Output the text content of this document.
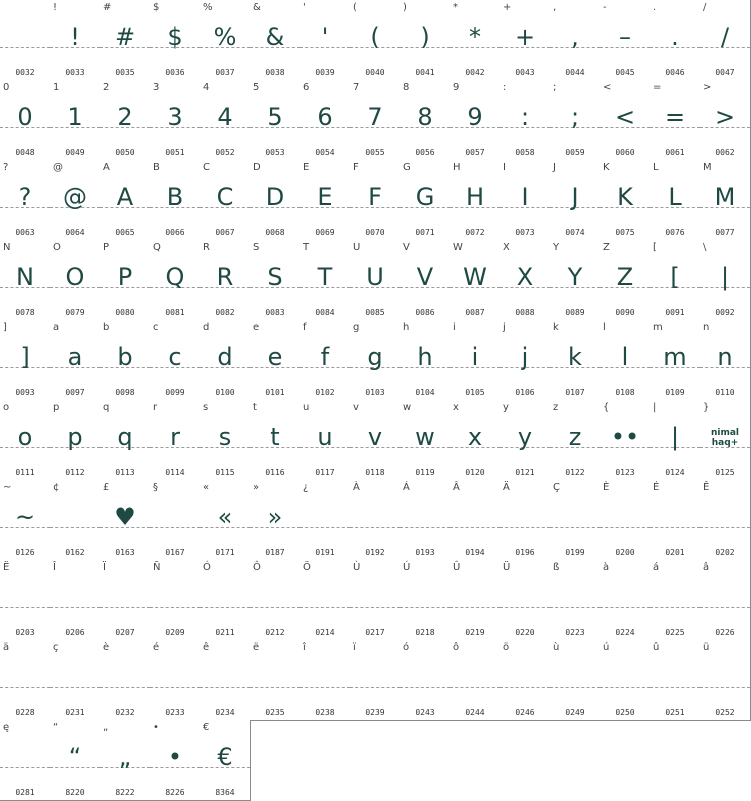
0032
!
!
0033
#
#
0035
$
$
0036
%
%
0037
&
&
0038
'
'
0039
(
(
0040
)
)
0041
*
*
0042
+
+
0043
,
,
0044
-
–
0045
.
.
0046
/
/
0047
0
0
0048
1
1
0049
2
2
0050
3
3
0051
4
4
0052
5
5
0053
6
6
0054
7
7
0055
8
8
0056
9
9
0057
:
:
0058
;
;
0059
<
<
0060
=
=
0061
>
>
0062
?
?
0063
@
@
0064
A
A
0065
B
B
0066
C
C
0067
D
D
0068
E
E
0069
F
F
0070
G
G
0071
H
H
0072
I
I
0073
J
J
0074
K
K
0075
L
L
0076
M
M
0077
N
N
0078
O
O
0079
P
P
0080
Q
Q
0081
R
R
0082
S
S
0083
T
T
0084
U
U
0085
V
V
0086
W
W
0087
X
X
0088
Y
Y
0089
Z
Z
0090
[
[
0091
\
|
0092
]
]
0093
a
a
0097
b
b
0098
c
c
0099
d
d
0100
e
e
0101
f
f
0102
g
g
0103
h
h
0104
i
i
0105
j
j
0106
k
k
0107
l
l
0108
m
m
0109
n
n
0110
o
o
0111
p
p
0112
q
q
0113
r
r
0114
s
s
0115
t
t
0116
u
u
0117
v
v
0118
w
w
0119
x
x
0120
y
y
0121
z
z
0122
{
••
0123
|
|
0124
}
nimal
haq+
0125
~
~
0126
¢
0162
£
♥
0163
§
0167
«
«
0171
»
»
0187
¿
0191
À
0192
Á
0193
Â
0194
Ä
0196
Ç
0199
È
0200
É
0201
Ê
0202
Ë
0203
Î
0206
Ï
0207
Ñ
0209
Ó
0211
Ô
0212
Ö
0214
Ù
0217
Ú
0218
Û
0219
Ü
0220
ß
0223
à
0224
á
0225
â
0226
ä
0228
ç
0231
è
0232
é
0233
ê
0234
ë
0235
î
0238
ï
0239
ó
0243
ô
0244
ö
0246
ù
0249
ú
0250
û
0251
ü
0252
ę
0281
“
“
8220
„
„
8222
•
•
8226
€
€
8364
